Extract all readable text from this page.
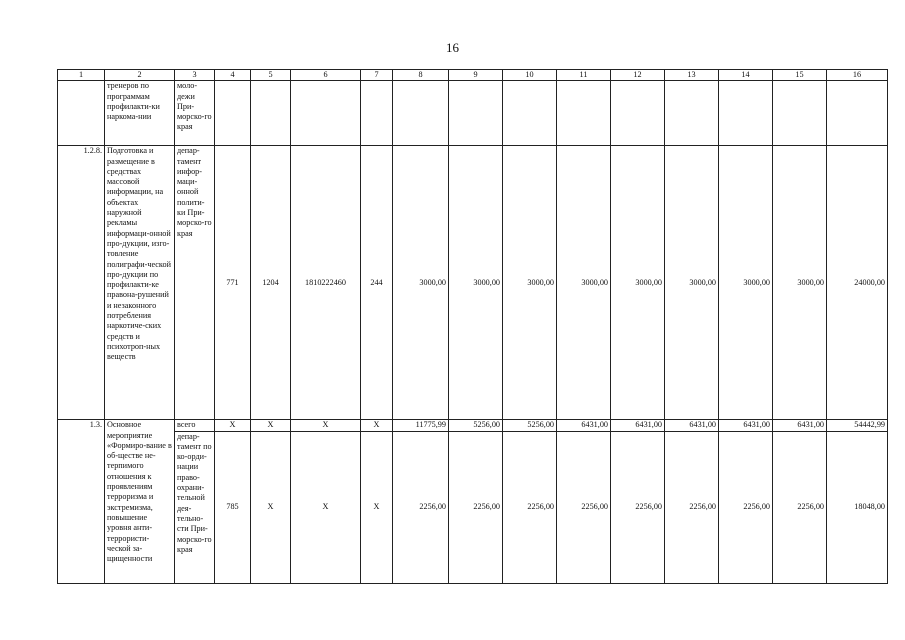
16
1	2	3	4	5	6	7	8	9	10	11	12	13	14	15	16
	тренеров по программам профилакти-ки наркома-нии	моло-дежи При-морско-го края													
1.2.8.	Подготовка и размещение в средствах массовой информации, на объектах наружной рекламы информаци-онной про-дукции, изго-товление полиграфи-ческой про-дукции по профилакти-ке правона-рушений и незаконного потребления наркотиче-ских средств и психотроп-ных веществ	депар-тамент инфор-маци-онной полити-ки При-морско-го края	771	1204	1810222460	244	3000,00	3000,00	3000,00	3000,00	3000,00	3000,00	3000,00	3000,00	24000,00
1.3.	Основное мероприятие «Формиро-вание в об-ществе не-терпимого отношения к проявлениям терроризма и экстремизма, повышение уровня анти-террористи-ческой за-щищенности	всего	X	X	X	X	11775,99	5256,00	5256,00	6431,00	6431,00	6431,00	6431,00	6431,00	54442,99
		депар-тамент по ко-орди-нации право-охрани-тельной дея-тельно-сти При-морско-го края	785	X	X	X	2256,00	2256,00	2256,00	2256,00	2256,00	2256,00	2256,00	2256,00	18048,00
